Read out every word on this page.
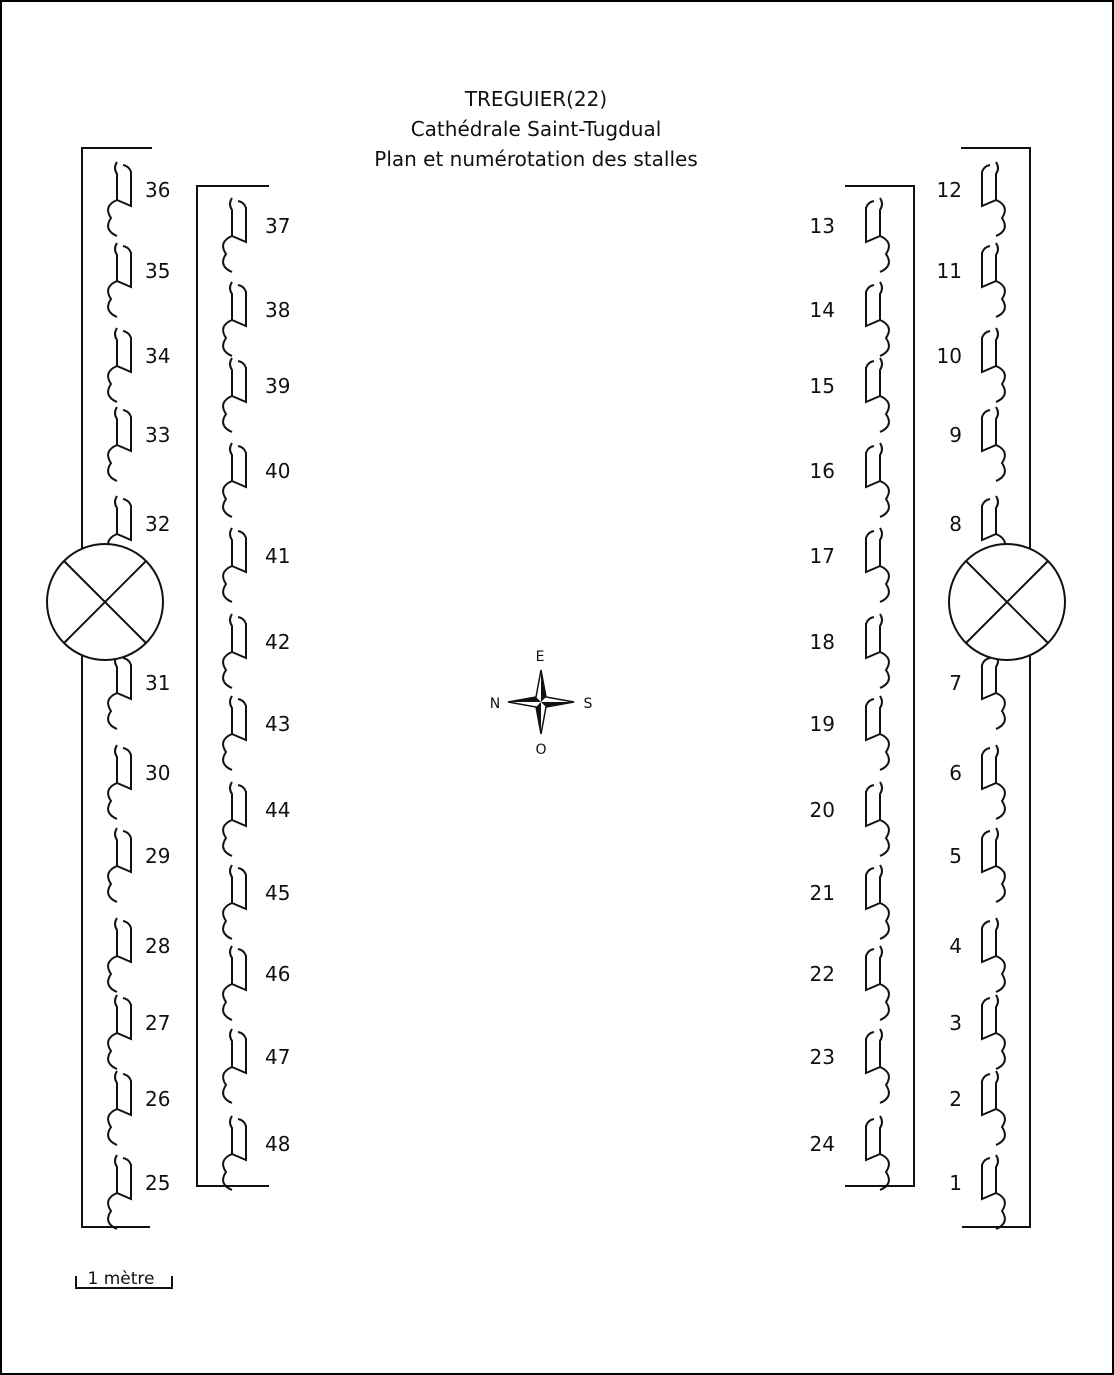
TREGUIER(22)
Cathédrale Saint-Tugdual
Plan et numérotation des stalles
36
35
34
33
32
31
30
29
28
27
26
25
37
38
39
40
41
42
43
44
45
46
47
48
13
14
15
16
17
18
19
20
21
22
23
24
12
11
10
9
8
7
6
5
4
3
2
1
E
O
N	S
1 mètre
